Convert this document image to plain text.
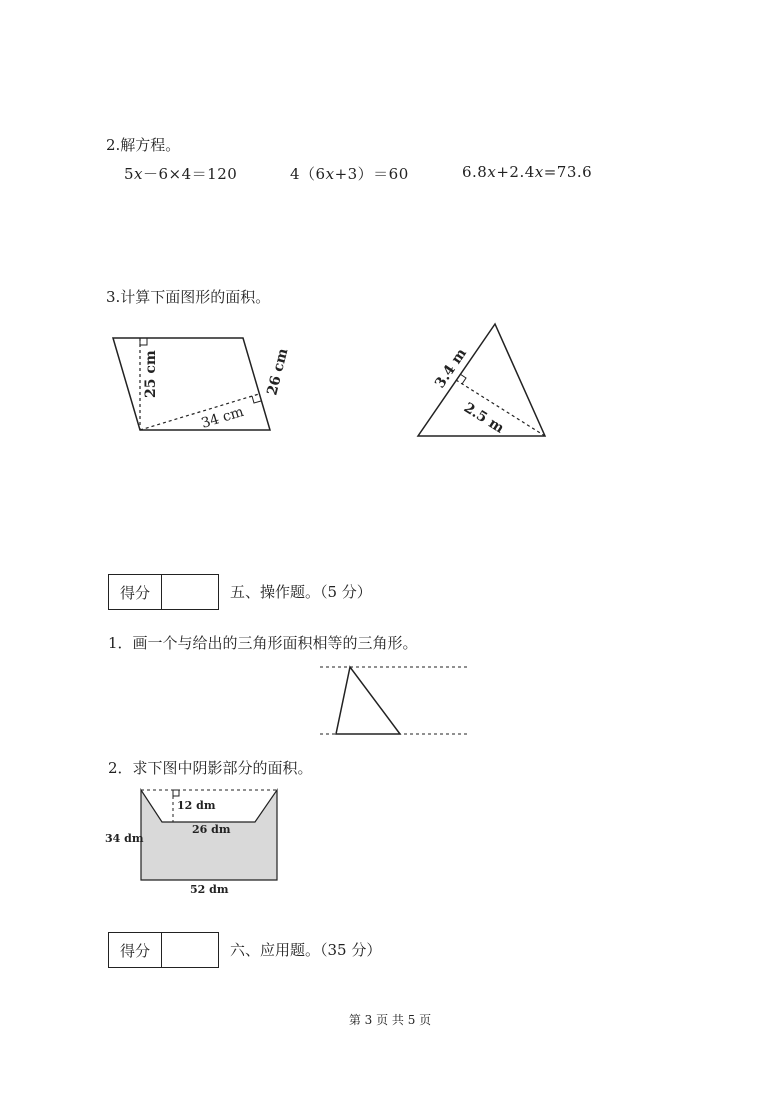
2.解方程。
5x－6×4＝120	4（6x+3）＝60	6.8x+2.4x=73.6
3.计算下面图形的面积。
25 cm	26 cm
34 cm
3.4 m
2.5 m
12 dm
26 dm
34 dm
52 dm
得分	五、操作题。（5 分）
1．画一个与给出的三角形面积相等的三角形。
2．求下图中阴影部分的面积。
得分	六、应用题。（35 分）
第 3 页 共 5 页
